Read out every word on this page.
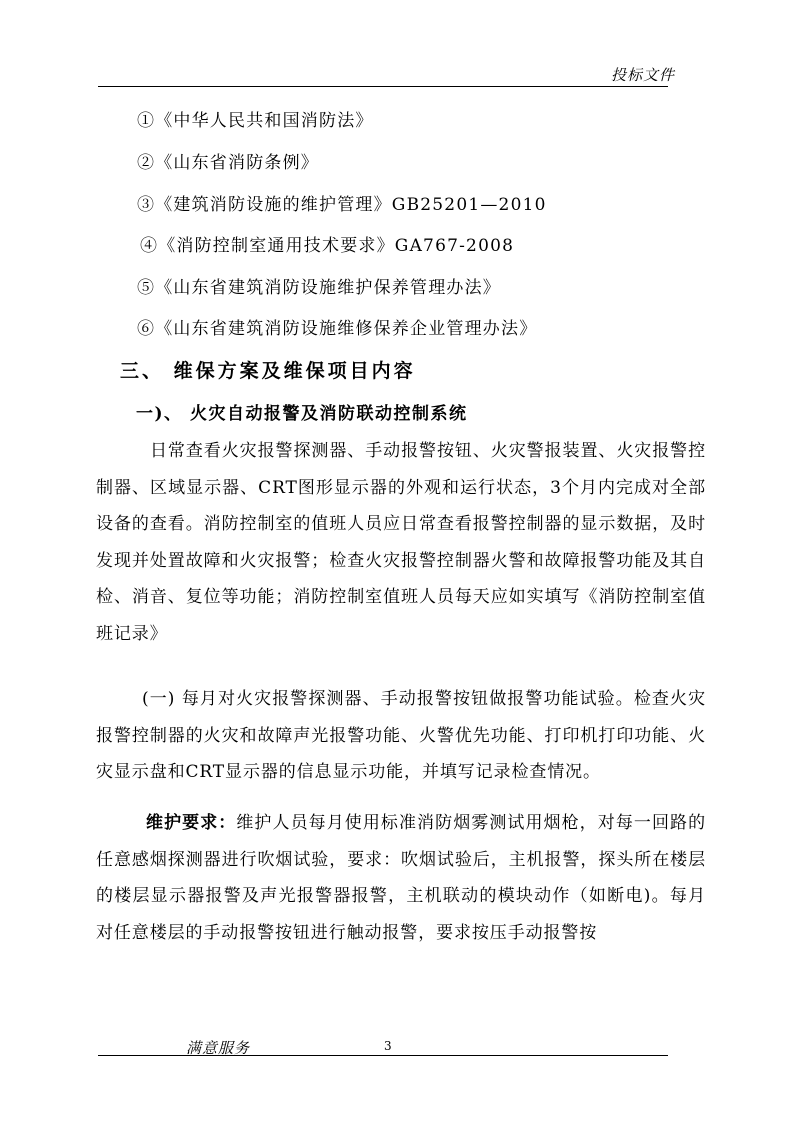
投标文件
①《中华人民共和国消防法》
②《山东省消防条例》
③《建筑消防设施的维护管理》GB25201—2010
④《消防控制室通用技术要求》GA767-2008
⑤《山东省建筑消防设施维护保养管理办法》
⑥《山东省建筑消防设施维修保养企业管理办法》
三、 维保方案及维保项目内容
一)、 火灾自动报警及消防联动控制系统
日常查看火灾报警探测器、手动报警按钮、火灾警报装置、火灾报警控制器、区域显示器、CRT图形显示器的外观和运行状态，3个月内完成对全部设备的查看。消防控制室的值班人员应日常查看报警控制器的显示数据，及时发现并处置故障和火灾报警；检查火灾报警控制器火警和故障报警功能及其自检、消音、复位等功能；消防控制室值班人员每天应如实填写《消防控制室值班记录》
(一) 每月对火灾报警探测器、手动报警按钮做报警功能试验。检查火灾报警控制器的火灾和故障声光报警功能、火警优先功能、打印机打印功能、火灾显示盘和CRT显示器的信息显示功能，并填写记录检查情况。
维护要求：维护人员每月使用标准消防烟雾测试用烟枪，对每一回路的任意感烟探测器进行吹烟试验，要求：吹烟试验后，主机报警，探头所在楼层的楼层显示器报警及声光报警器报警，主机联动的模块动作（如断电)。每月对任意楼层的手动报警按钮进行触动报警，要求按压手动报警按
满意服务	3
